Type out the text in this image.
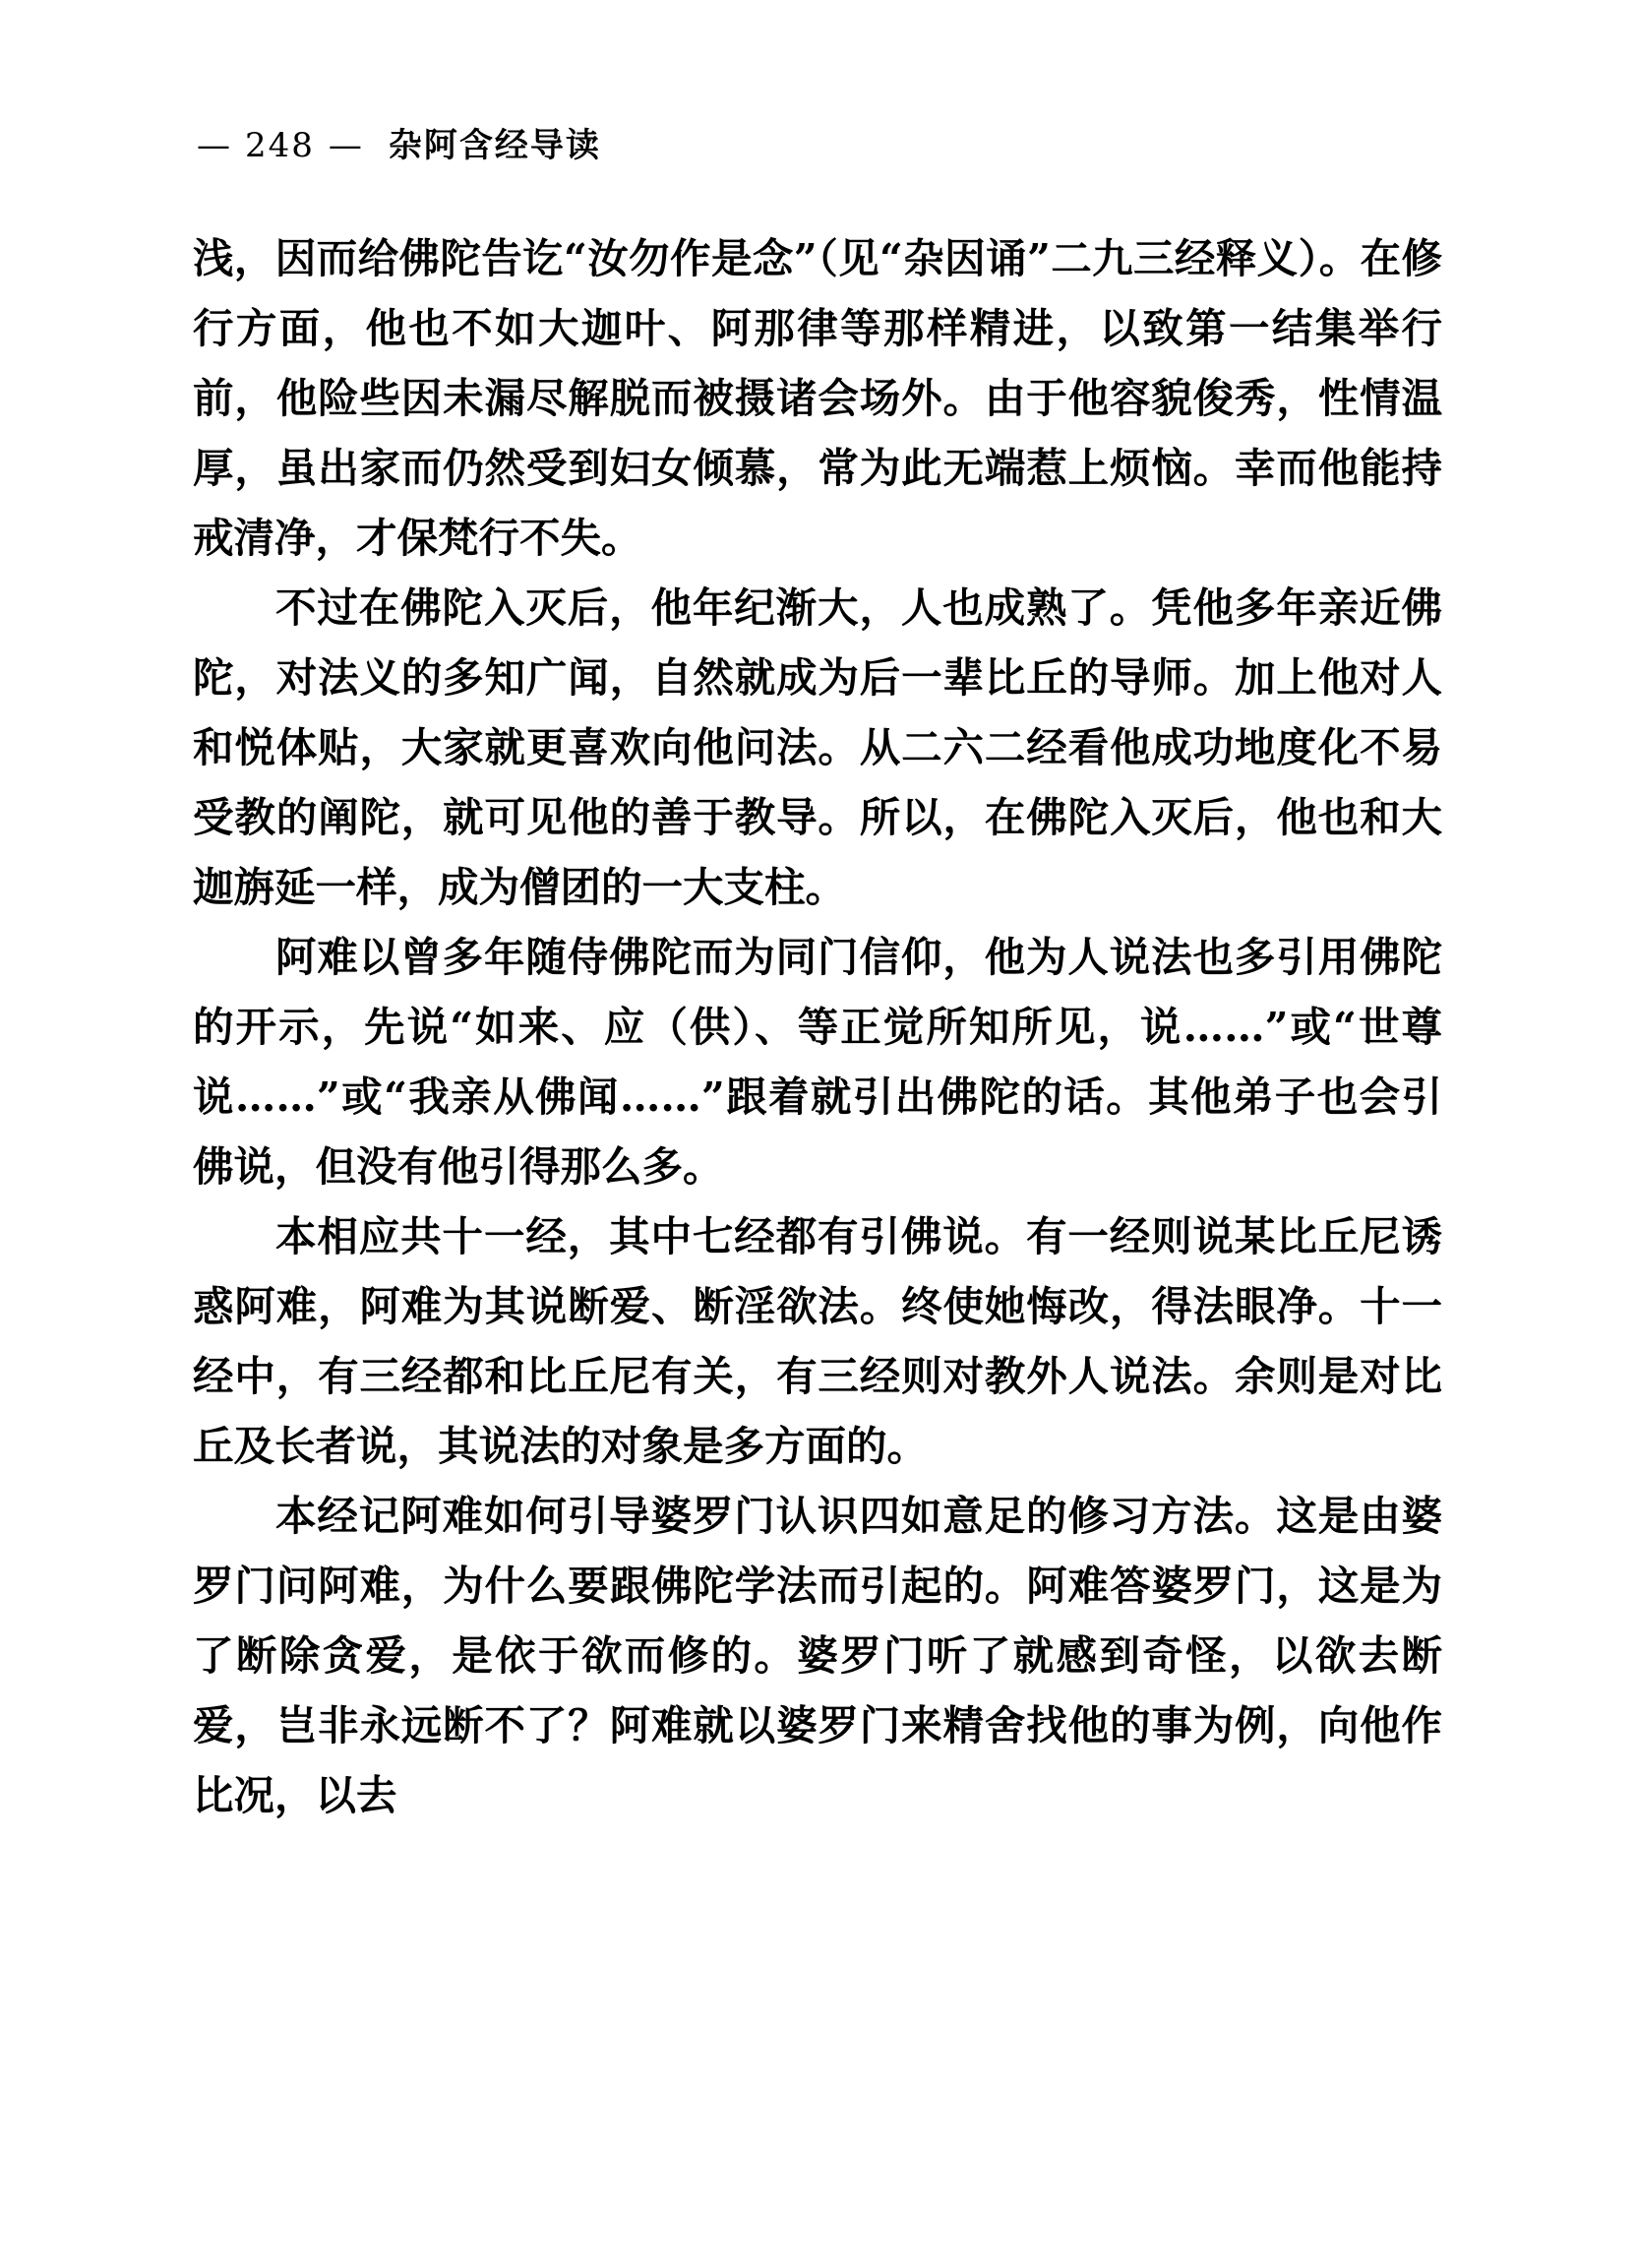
— 248 — 杂阿含经导读

浅，因而给佛陀告讫“汝勿作是念”（见“杂因诵”二九三经释义）。在修行方面，他也不如大迦叶、阿那律等那样精进，以致第一结集举行前，他险些因未漏尽解脱而被摄诸会场外。由于他容貌俊秀，性情温厚，虽出家而仍然受到妇女倾慕，常为此无端惹上烦恼。幸而他能持戒清净，才保梵行不失。

不过在佛陀入灭后，他年纪渐大，人也成熟了。凭他多年亲近佛陀，对法义的多知广闻，自然就成为后一辈比丘的导师。加上他对人和悦体贴，大家就更喜欢向他问法。从二六二经看他成功地度化不易受教的阐陀，就可见他的善于教导。所以，在佛陀入灭后，他也和大迦旃延一样，成为僧团的一大支柱。

阿难以曾多年随侍佛陀而为同门信仰，他为人说法也多引用佛陀的开示，先说“如来、应（供）、等正觉所知所见，说……”或“世尊说……”或“我亲从佛闻……”跟着就引出佛陀的话。其他弟子也会引佛说，但没有他引得那么多。

本相应共十一经，其中七经都有引佛说。有一经则说某比丘尼诱惑阿难，阿难为其说断爱、断淫欲法。终使她悔改，得法眼净。十一经中，有三经都和比丘尼有关，有三经则对教外人说法。余则是对比丘及长者说，其说法的对象是多方面的。

本经记阿难如何引导婆罗门认识四如意足的修习方法。这是由婆罗门问阿难，为什么要跟佛陀学法而引起的。阿难答婆罗门，这是为了断除贪爱，是依于欲而修的。婆罗门听了就感到奇怪，以欲去断爱，岂非永远断不了？阿难就以婆罗门来精舍找他的事为例，向他作比况，以去
